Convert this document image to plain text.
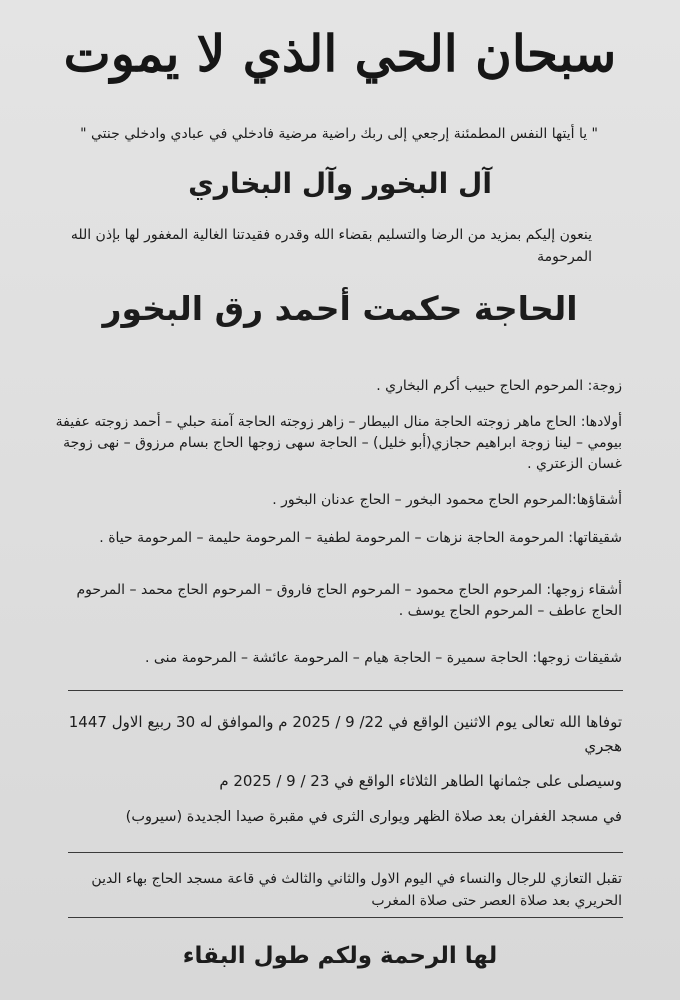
سبحان الحي الذي لا يموت
" يا أيتها النفس المطمئنة إرجعي إلى ربك راضية مرضية فادخلي في عبادي وادخلي جنتي "
آل البخور وآل البخاري
ينعون إليكم بمزيد من الرضا والتسليم بقضاء الله وقدره فقيدتنا الغالية المغفور لها بإذن الله المرحومة
الحاجة حكمت أحمد رق البخور
زوجة: المرحوم الحاج حبيب أكرم البخاري .
أولادها: الحاج ماهر زوجته الحاجة منال البيطار – زاهر زوجته الحاجة آمنة حبلي – أحمد زوجته عفيفة بيومي – لينا زوجة ابراهيم حجازي(أبو خليل) – الحاجة سهى زوجها الحاج بسام مرزوق – نهى زوجة غسان الزعتري .
أشقاؤها:المرحوم الحاج محمود البخور – الحاج عدنان البخور .
شقيقاتها: المرحومة الحاجة نزهات – المرحومة لطفية – المرحومة حليمة – المرحومة حياة .
أشقاء زوجها: المرحوم الحاج محمود – المرحوم الحاج فاروق – المرحوم الحاج محمد – المرحوم الحاج عاطف – المرحوم الحاج يوسف .
شقيقات زوجها: الحاجة سميرة – الحاجة هيام – المرحومة عائشة – المرحومة منى .
توفاها الله تعالى يوم الاثنين الواقع في 22/ 9 / 2025 م والموافق له 30 ربيع الاول 1447 هجري
وسيصلى على جثمانها الطاهر الثلاثاء الواقع في 23 / 9 / 2025 م
في مسجد الغفران بعد صلاة الظهر ويوارى الثرى في مقبرة صيدا الجديدة (سيروب)
تقبل التعازي للرجال والنساء في اليوم الاول والثاني والثالث في قاعة مسجد الحاج بهاء الدين الحريري بعد صلاة العصر حتى صلاة المغرب
لها الرحمة ولكم طول البقاء
